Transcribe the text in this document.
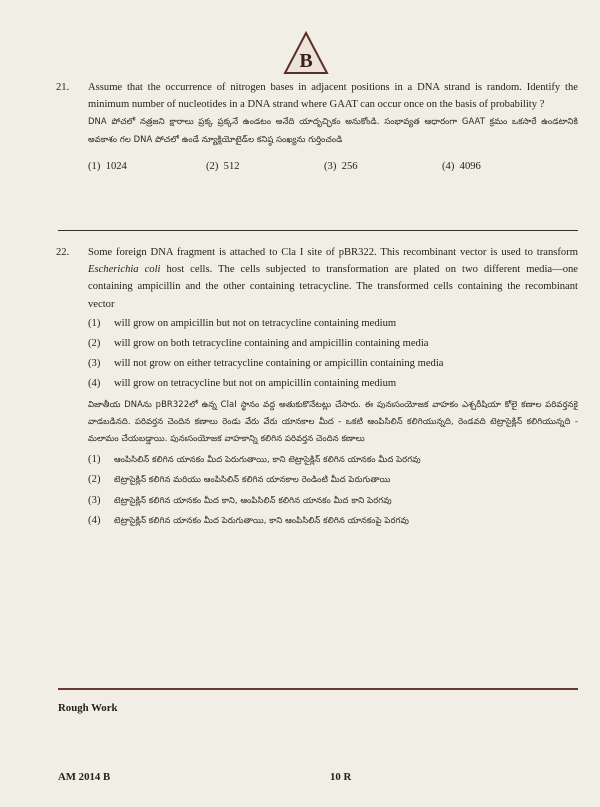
B
21.	Assume that the occurrence of nitrogen bases in adjacent positions in a DNA strand is random. Identify the minimum number of nucleotides in a DNA strand where GAAT can occur once on the basis of probability ?

DNA పోచలో నత్రజని క్షారాలు ప్రక్క ప్రక్కనే ఉండటం అనేది యాదృచ్ఛికం అనుకోండి. సంభావ్యత ఆధారంగా GAAT క్రమం ఒకసారే ఉండటానికి అవకాశం గల DNA పోచలో ఉండే న్యూక్లియోటైడ్‌ల కనిష్ఠ సంఖ్యను గుర్తించండి

(1) 1024	(2) 512	(3) 256	(4) 4096
22.	Some foreign DNA fragment is attached to Cla I site of pBR322. This recombinant vector is used to transform Escherichia coli host cells. The cells subjected to transformation are plated on two different media—one containing ampicillin and the other containing tetracycline. The transformed cells containing the recombinant vector

(1)	will grow on ampicillin but not on tetracycline containing medium
(2)	will grow on both tetracycline containing and ampicillin containing media
(3)	will not grow on either tetracycline containing or ampicillin containing media
(4)	will grow on tetracycline but not on ampicillin containing medium

విజాతీయ DNAను pBR322లో ఉన్న ClaI స్థానం వద్ద అతుకుకొనేటట్లు చేసారు. ఈ పునఃసంయోజక వాహకం ఎశ్చరీషియా కోలై కణాల పరివర్తనకై వాడబడినది. పరివర్తన చెందిన కణాలు రెండు వేరు వేరు యానకాల మీద - ఒకటి ఆంపిసిలిన్ కలిగియున్నది, రెండవది టెట్రాసైక్లిన్ కలిగియున్నది - మలామం చేయబడ్డాయి. పునఃసంయోజక వాహకాన్ని కలిగిన పరివర్తన చెందిన కణాలు

(1)	ఆంపిసిలిన్ కలిగిన యానకం మీద పెరుగుతాయి, కాని టెట్రాసైక్లిన్ కలిగిన యానకం మీద పెరగవు
(2)	టెట్రాసైక్లిన్ కలిగిన మరియు ఆంపిసిలిన్ కలిగిన యానకాల రెండింటి మీద పెరుగుతాయి
(3)	టెట్రాసైక్లిన్ కలిగిన యానకం మీద కాని, ఆంపిసిలిన్ కలిగిన యానకం మీద కాని పెరగవు
(4)	టెట్రాసైక్లిన్ కలిగిన యానకం మీద పెరుగుతాయి, కాని ఆంపిసిలిన్ కలిగిన యానకంపై పెరగవు
Rough Work
AM 2014 B	10 R
